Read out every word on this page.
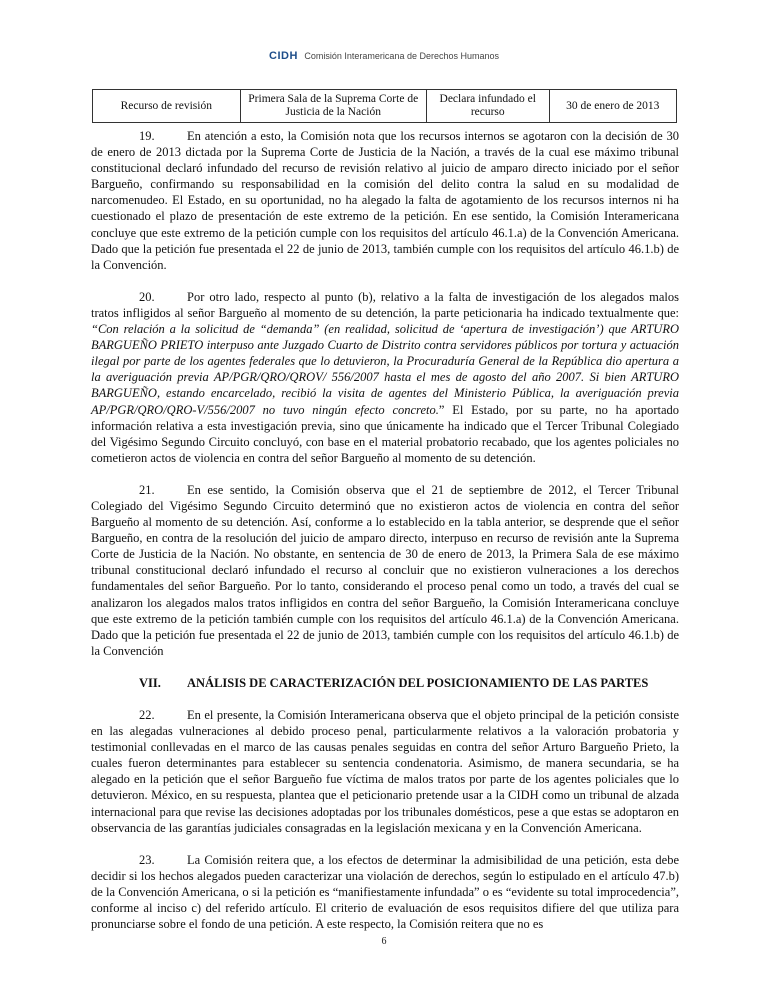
CIDH Comisión Interamericana de Derechos Humanos
Recurso de revisión	Primera Sala de la Suprema Corte de Justicia de la Nación	Declara infundado el recurso	30 de enero de 2013

19.	En atención a esto, la Comisión nota que los recursos internos se agotaron con la decisión de 30 de enero de 2013 dictada por la Suprema Corte de Justicia de la Nación, a través de la cual ese máximo tribunal constitucional declaró infundado del recurso de revisión relativo al juicio de amparo directo iniciado por el señor Bargueño, confirmando su responsabilidad en la comisión del delito contra la salud en su modalidad de narcomenudeo. El Estado, en su oportunidad, no ha alegado la falta de agotamiento de los recursos internos ni ha cuestionado el plazo de presentación de este extremo de la petición. En ese sentido, la Comisión Interamericana concluye que este extremo de la petición cumple con los requisitos del artículo 46.1.a) de la Convención Americana. Dado que la petición fue presentada el 22 de junio de 2013, también cumple con los requisitos del artículo 46.1.b) de la Convención.

20.	Por otro lado, respecto al punto (b), relativo a la falta de investigación de los alegados malos tratos infligidos al señor Bargueño al momento de su detención, la parte peticionaria ha indicado textualmente que: “Con relación a la solicitud de “demanda” (en realidad, solicitud de ‘apertura de investigación’) que ARTURO BARGUEÑO PRIETO interpuso ante Juzgado Cuarto de Distrito contra servidores públicos por tortura y actuación ilegal por parte de los agentes federales que lo detuvieron, la Procuraduría General de la República dio apertura a la averiguación previa AP/PGR/QRO/QROV/ 556/2007 hasta el mes de agosto del año 2007. Si bien ARTURO BARGUEÑO, estando encarcelado, recibió la visita de agentes del Ministerio Pública, la averiguación previa AP/PGR/QRO/QRO-V/556/2007 no tuvo ningún efecto concreto.” El Estado, por su parte, no ha aportado información relativa a esta investigación previa, sino que únicamente ha indicado que el Tercer Tribunal Colegiado del Vigésimo Segundo Circuito concluyó, con base en el material probatorio recabado, que los agentes policiales no cometieron actos de violencia en contra del señor Bargueño al momento de su detención.

21.	En ese sentido, la Comisión observa que el 21 de septiembre de 2012, el Tercer Tribunal Colegiado del Vigésimo Segundo Circuito determinó que no existieron actos de violencia en contra del señor Bargueño al momento de su detención. Así, conforme a lo establecido en la tabla anterior, se desprende que el señor Bargueño, en contra de la resolución del juicio de amparo directo, interpuso en recurso de revisión ante la Suprema Corte de Justicia de la Nación. No obstante, en sentencia de 30 de enero de 2013, la Primera Sala de ese máximo tribunal constitucional declaró infundado el recurso al concluir que no existieron vulneraciones a los derechos fundamentales del señor Bargueño. Por lo tanto, considerando el proceso penal como un todo, a través del cual se analizaron los alegados malos tratos infligidos en contra del señor Bargueño, la Comisión Interamericana concluye que este extremo de la petición también cumple con los requisitos del artículo 46.1.a) de la Convención Americana. Dado que la petición fue presentada el 22 de junio de 2013, también cumple con los requisitos del artículo 46.1.b) de la Convención

VII. ANÁLISIS DE CARACTERIZACIÓN DEL POSICIONAMIENTO DE LAS PARTES

22.	En el presente, la Comisión Interamericana observa que el objeto principal de la petición consiste en las alegadas vulneraciones al debido proceso penal, particularmente relativos a la valoración probatoria y testimonial conllevadas en el marco de las causas penales seguidas en contra del señor Arturo Bargueño Prieto, la cuales fueron determinantes para establecer su sentencia condenatoria. Asimismo, de manera secundaria, se ha alegado en la petición que el señor Bargueño fue víctima de malos tratos por parte de los agentes policiales que lo detuvieron. México, en su respuesta, plantea que el peticionario pretende usar a la CIDH como un tribunal de alzada internacional para que revise las decisiones adoptadas por los tribunales domésticos, pese a que estas se adoptaron en observancia de las garantías judiciales consagradas en la legislación mexicana y en la Convención Americana.

23.	La Comisión reitera que, a los efectos de determinar la admisibilidad de una petición, esta debe decidir si los hechos alegados pueden caracterizar una violación de derechos, según lo estipulado en el artículo 47.b) de la Convención Americana, o si la petición es “manifiestamente infundada” o es “evidente su total improcedencia”, conforme al inciso c) del referido artículo. El criterio de evaluación de esos requisitos difiere del que utiliza para pronunciarse sobre el fondo de una petición. A este respecto, la Comisión reitera que no es

6
